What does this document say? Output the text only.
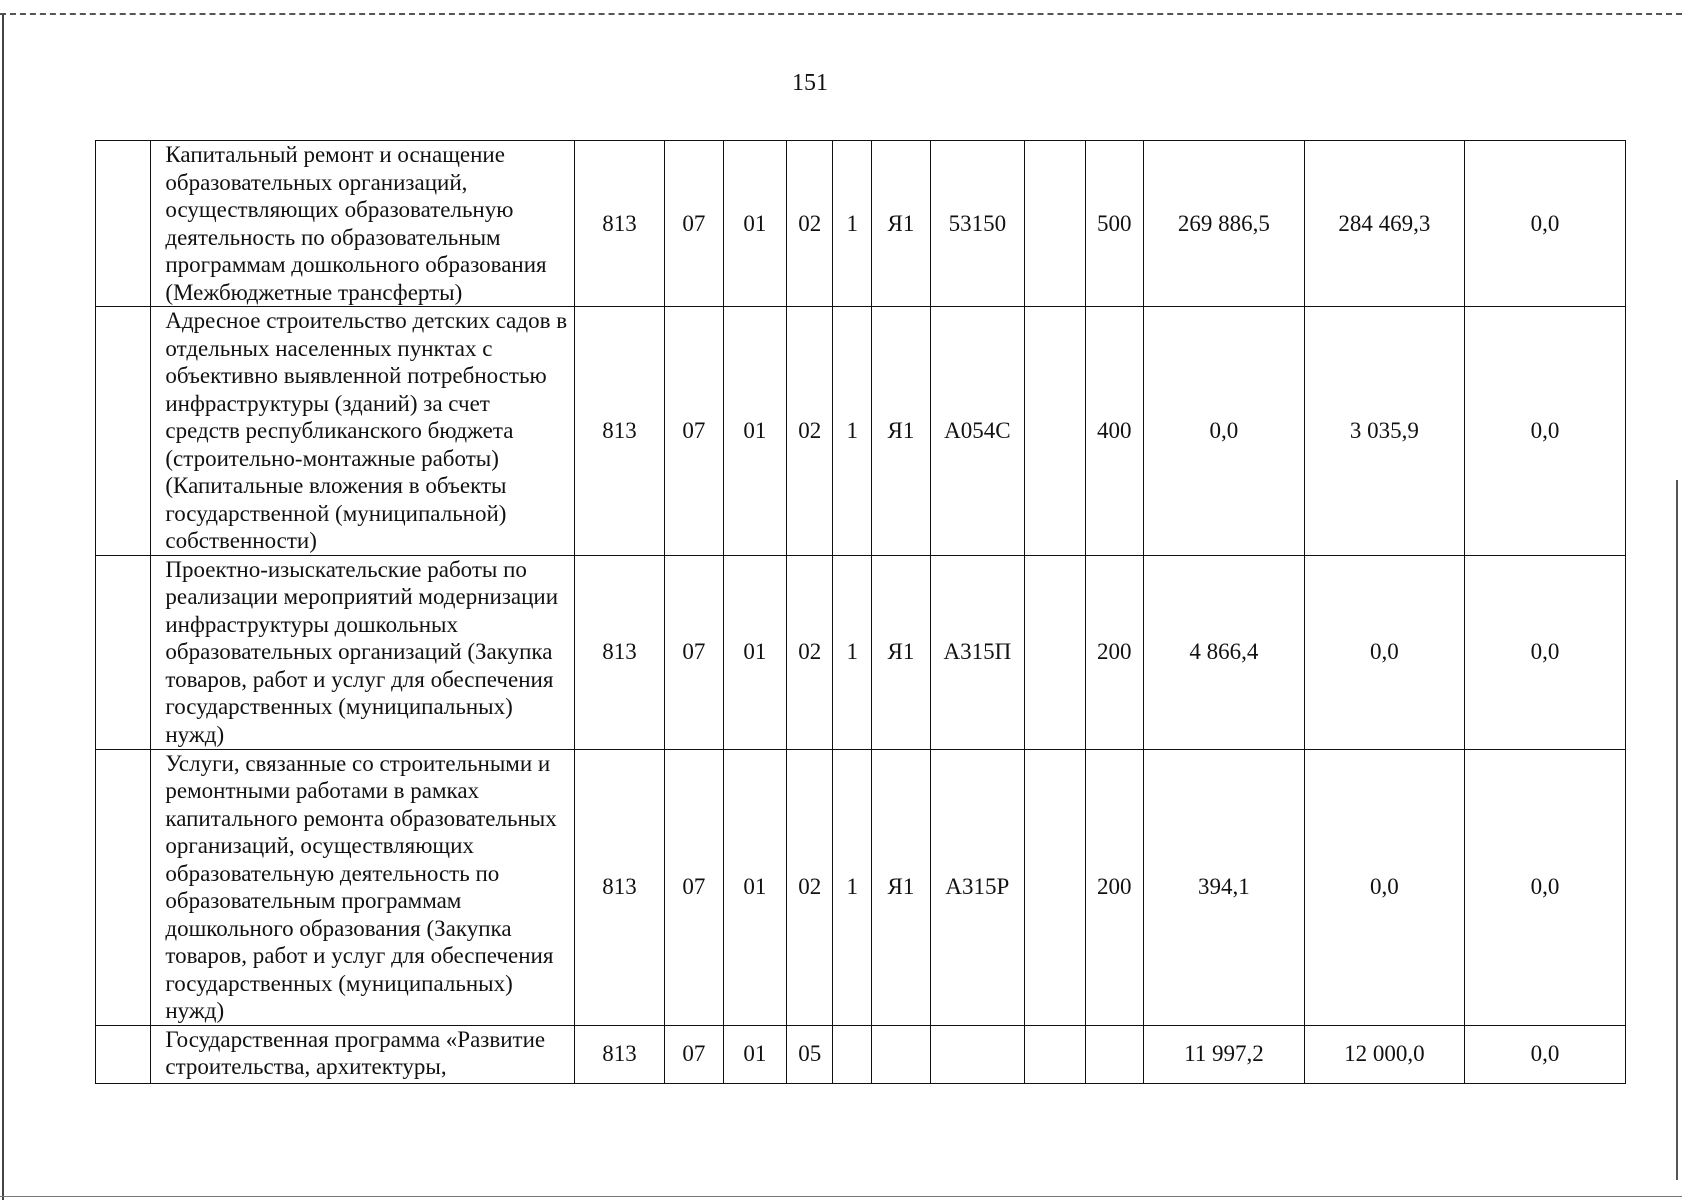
151
	Капитальный ремонт и оснащение образовательных организаций, осуществляющих образовательную деятельность по образовательным программам дошкольного образования (Межбюджетные трансферты)	813	07	01	02	1	Я1	53150		500	269 886,5	284 469,3	0,0
	Адресное строительство детских садов в отдельных населенных пунктах с объективно выявленной потребностью инфраструктуры (зданий) за счет средств республиканского бюджета (строительно-монтажные работы) (Капитальные вложения в объекты государственной (муниципальной) собственности)	813	07	01	02	1	Я1	А054С		400	0,0	3 035,9	0,0
	Проектно-изыскательские работы по реализации мероприятий модернизации инфраструктуры дошкольных образовательных организаций (Закупка товаров, работ и услуг для обеспечения государственных (муниципальных) нужд)	813	07	01	02	1	Я1	А315П		200	4 866,4	0,0	0,0
	Услуги, связанные со строительными и ремонтными работами в рамках капитального ремонта образовательных организаций, осуществляющих образовательную деятельность по образовательным программам дошкольного образования (Закупка товаров, работ и услуг для обеспечения государственных (муниципальных) нужд)	813	07	01	02	1	Я1	А315Р		200	394,1	0,0	0,0
	Государственная программа «Развитие строительства, архитектуры,	813	07	01	05						11 997,2	12 000,0	0,0
